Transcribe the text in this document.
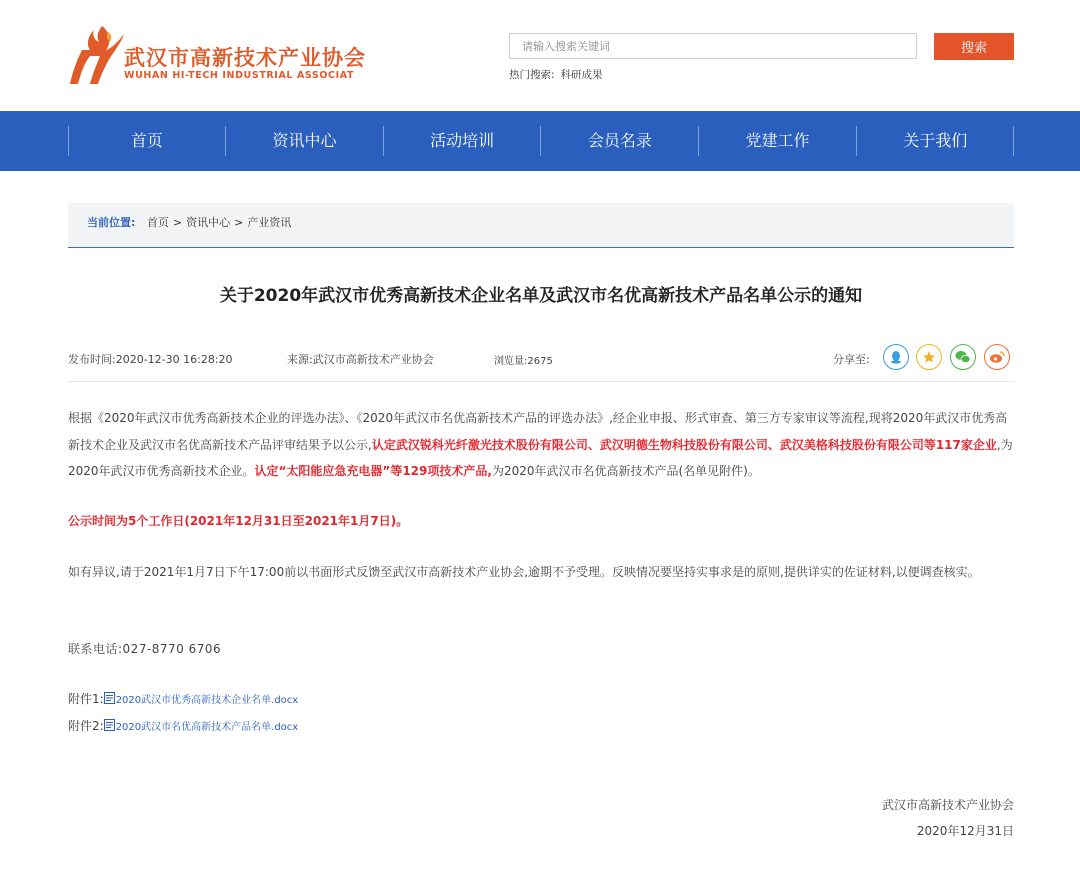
武汉市高新技术产业协会
WUHAN HI-TECH INDUSTRIAL ASSOCIAT
请输入搜索关键词
搜索
热门搜索: 科研成果
首页	资讯中心	活动培训	会员名录	党建工作	关于我们
当前位置: 首页 > 资讯中心 > 产业资讯
关于2020年武汉市优秀高新技术企业名单及武汉市名优高新技术产品名单公示的通知
发布时间:2020-12-30 16:28:20	来源:武汉市高新技术产业协会	浏览量:2675	分享至:
根据《2020年武汉市优秀高新技术企业的评选办法》、《2020年武汉市名优高新技术产品的评选办法》,经企业申报、形式审查、第三方专家审议等流程,现将2020年武汉市优秀高新技术企业及武汉市名优高新技术产品评审结果予以公示,认定武汉锐科光纤激光技术股份有限公司、武汉明德生物科技股份有限公司、武汉美格科技股份有限公司等117家企业,为2020年武汉市优秀高新技术企业。认定“太阳能应急充电器”等129项技术产品,为2020年武汉市名优高新技术产品(名单见附件)。
公示时间为5个工作日(2021年12月31日至2021年1月7日)。
如有异议,请于2021年1月7日下午17:00前以书面形式反馈至武汉市高新技术产业协会,逾期不予受理。反映情况要坚持实事求是的原则,提供详实的佐证材料,以便调查核实。
联系电话:027-8770 6706
附件1: 2020武汉市优秀高新技术企业名单.docx
附件2: 2020武汉市名优高新技术产品名单.docx
武汉市高新技术产业协会
2020年12月31日
